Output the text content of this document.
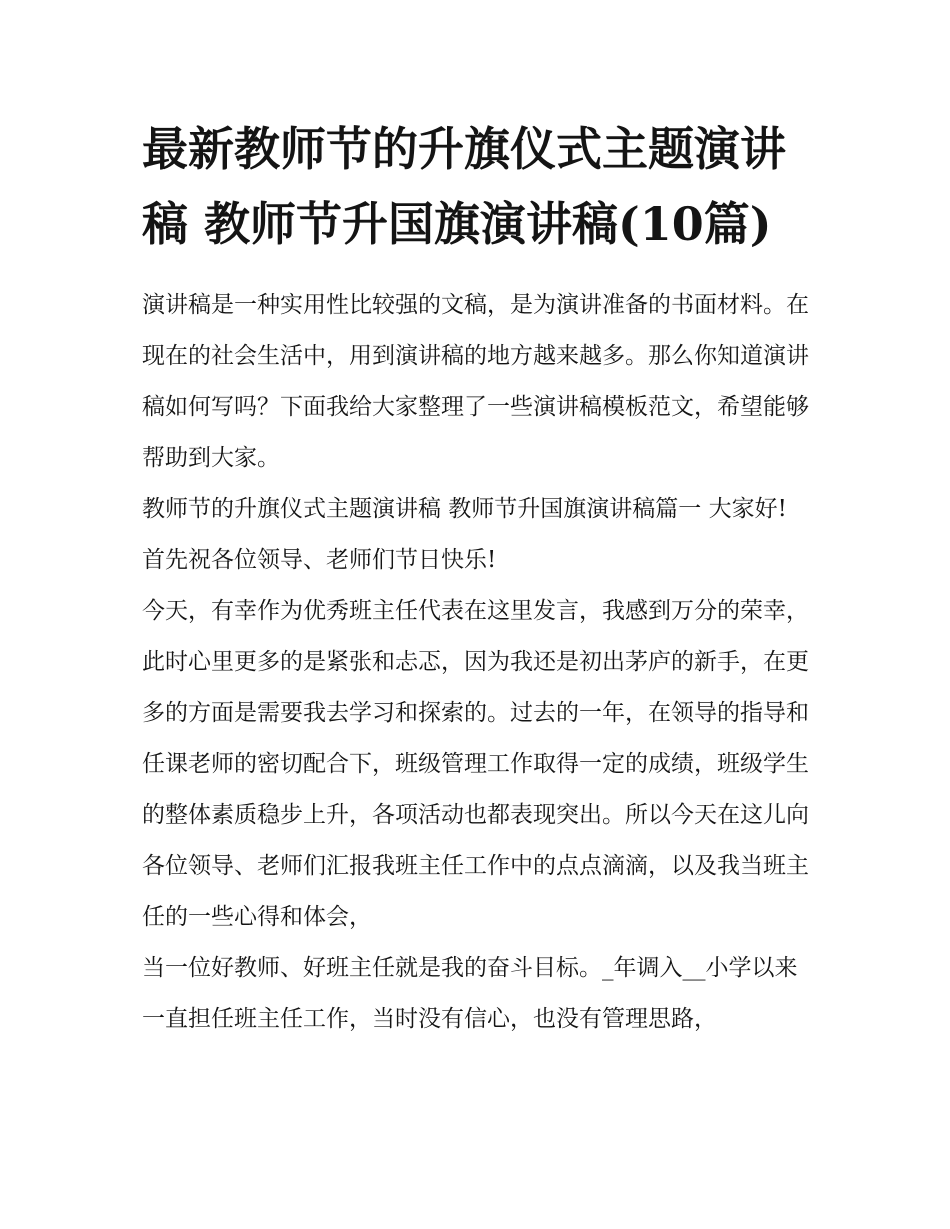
最新教师节的升旗仪式主题演讲稿 教师节升国旗演讲稿(10篇)

演讲稿是一种实用性比较强的文稿，是为演讲准备的书面材料。在现在的社会生活中，用到演讲稿的地方越来越多。那么你知道演讲稿如何写吗？下面我给大家整理了一些演讲稿模板范文，希望能够帮助到大家。

教师节的升旗仪式主题演讲稿 教师节升国旗演讲稿篇一 大家好! 首先祝各位领导、老师们节日快乐!

今天，有幸作为优秀班主任代表在这里发言，我感到万分的荣幸，此时心里更多的是紧张和忐忑，因为我还是初出茅庐的新手，在更多的方面是需要我去学习和探索的。过去的一年，在领导的指导和任课老师的密切配合下，班级管理工作取得一定的成绩，班级学生的整体素质稳步上升，各项活动也都表现突出。所以今天在这儿向各位领导、老师们汇报我班主任工作中的点点滴滴，以及我当班主任的一些心得和体会，

当一位好教师、好班主任就是我的奋斗目标。_年调入__小学以来一直担任班主任工作，当时没有信心，也没有管理思路，
